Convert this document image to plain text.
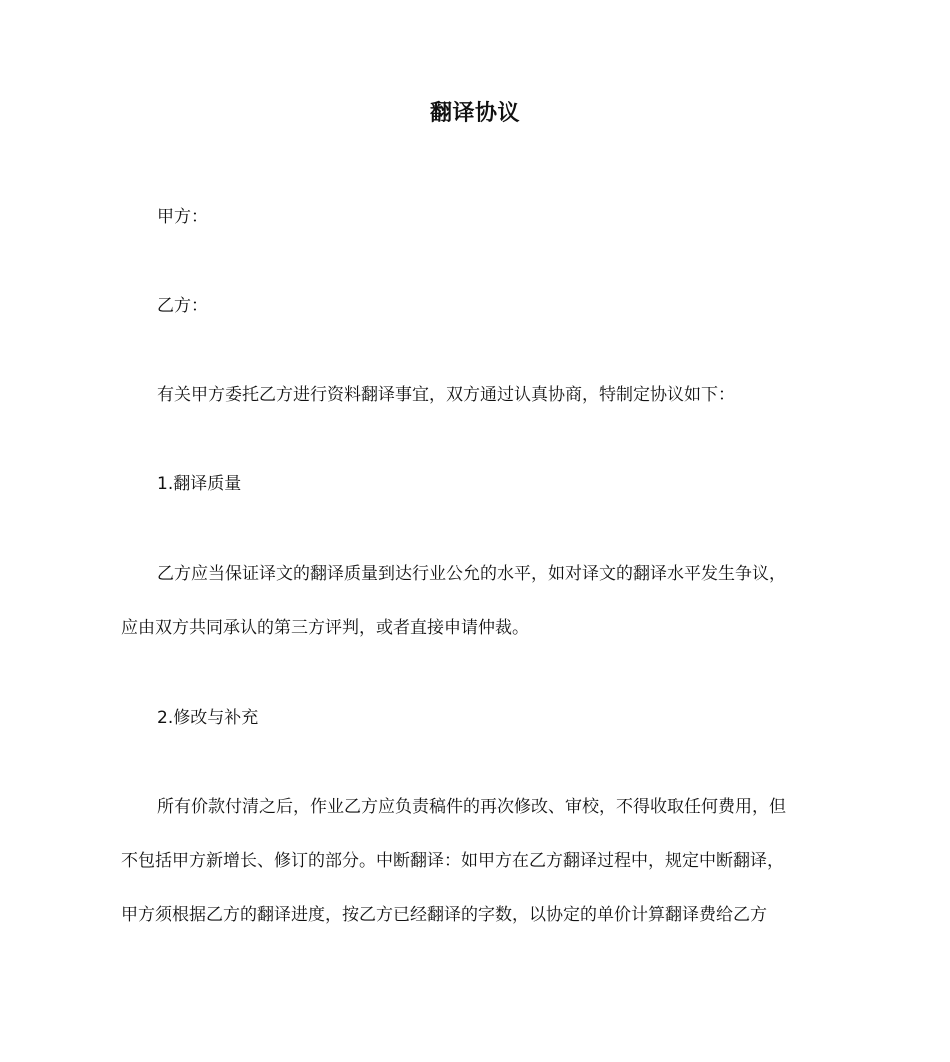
翻译协议
甲方：
乙方：
有关甲方委托乙方进行资料翻译事宜，双方通过认真协商，特制定协议如下：
1.翻译质量
乙方应当保证译文的翻译质量到达行业公允的水平，如对译文的翻译水平发生争议，
应由双方共同承认的第三方评判，或者直接申请仲裁。
2.修改与补充
所有价款付清之后，作业乙方应负责稿件的再次修改、审校，不得收取任何费用，但
不包括甲方新增长、修订的部分。中断翻译：如甲方在乙方翻译过程中，规定中断翻译，
甲方须根据乙方的翻译进度，按乙方已经翻译的字数，以协定的单价计算翻译费给乙方
